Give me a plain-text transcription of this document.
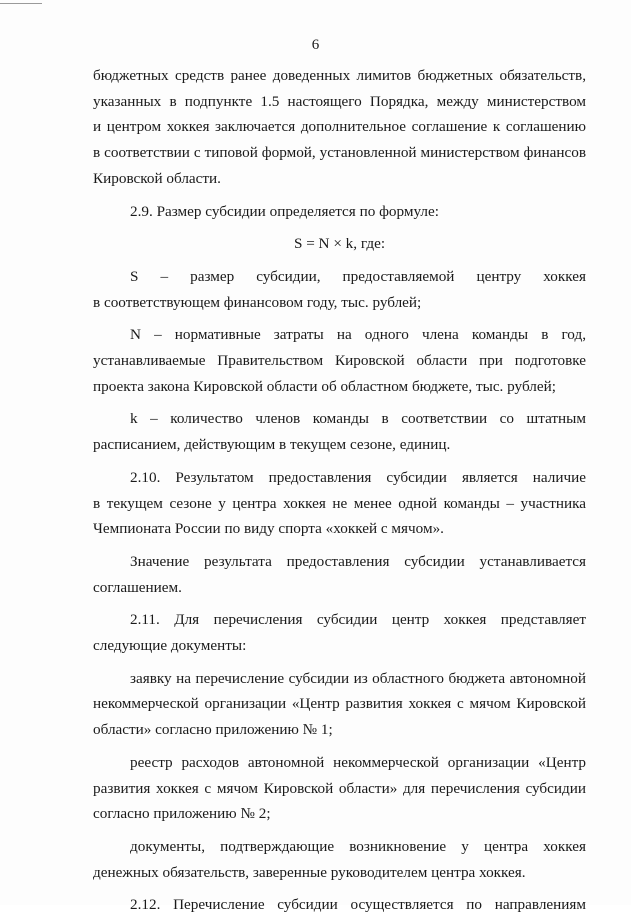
6
бюджетных средств ранее доведенных лимитов бюджетных обязательств,
указанных в подпункте 1.5 настоящего Порядка, между министерством
и центром хоккея заключается дополнительное соглашение к соглашению
в соответствии с типовой формой, установленной министерством финансов
Кировской области.
2.9. Размер субсидии определяется по формуле:
S = N × k, где:
S – размер субсидии, предоставляемой центру хоккея
в соответствующем финансовом году, тыс. рублей;
N – нормативные затраты на одного члена команды в год,
устанавливаемые Правительством Кировской области при подготовке
проекта закона Кировской области об областном бюджете, тыс. рублей;
k – количество членов команды в соответствии со штатным
расписанием, действующим в текущем сезоне, единиц.
2.10. Результатом предоставления субсидии является наличие
в текущем сезоне у центра хоккея не менее одной команды – участника
Чемпионата России по виду спорта «хоккей с мячом».
Значение результата предоставления субсидии устанавливается
соглашением.
2.11. Для перечисления субсидии центр хоккея представляет
следующие документы:
заявку на перечисление субсидии из областного бюджета автономной
некоммерческой организации «Центр развития хоккея с мячом Кировской
области» согласно приложению № 1;
реестр расходов автономной некоммерческой организации «Центр
развития хоккея с мячом Кировской области» для перечисления субсидии
согласно приложению № 2;
документы, подтверждающие возникновение у центра хоккея
денежных обязательств, заверенные руководителем центра хоккея.
2.12. Перечисление субсидии осуществляется по направлениям
